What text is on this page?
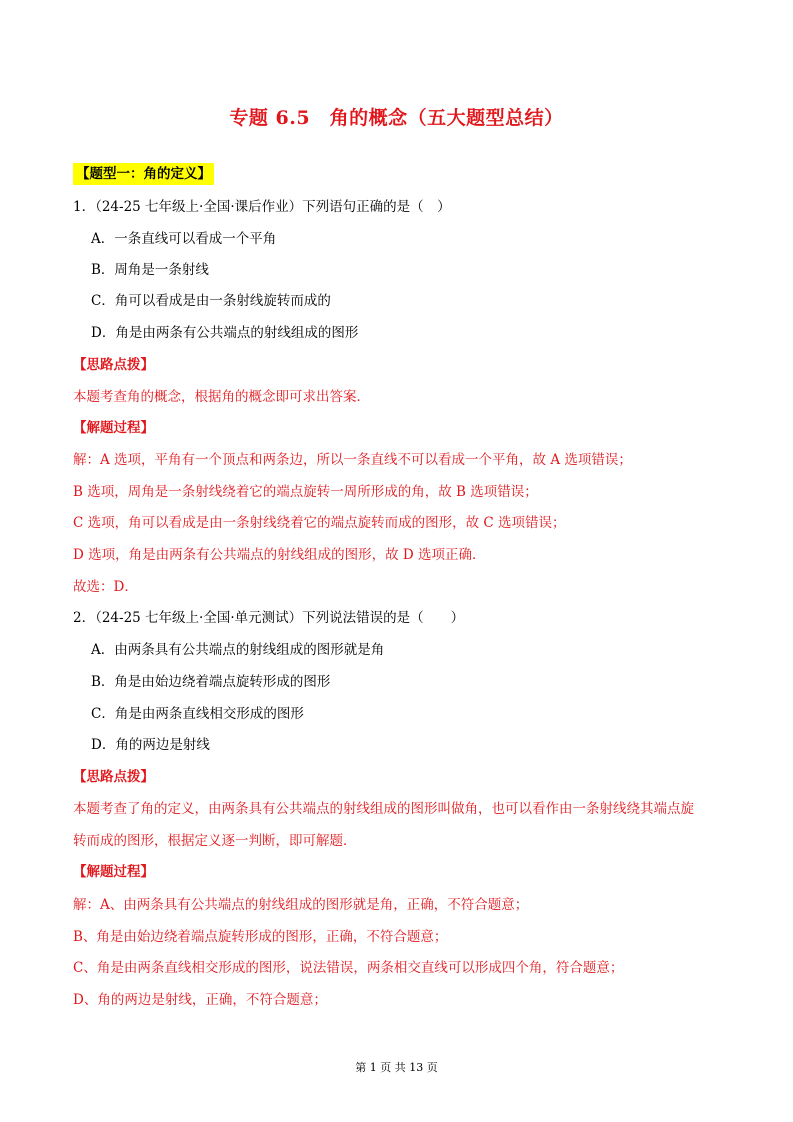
专题 6.5　角的概念（五大题型总结）

【题型一：角的定义】

1．（24-25 七年级上·全国·课后作业）下列语句正确的是（　）

A．一条直线可以看成一个平角

B．周角是一条射线

C．角可以看成是由一条射线旋转而成的

D．角是由两条有公共端点的射线组成的图形

【思路点拨】

本题考查角的概念，根据角的概念即可求出答案．

【解题过程】

解：A 选项，平角有一个顶点和两条边，所以一条直线不可以看成一个平角，故 A 选项错误；

B 选项，周角是一条射线绕着它的端点旋转一周所形成的角，故 B 选项错误；

C 选项，角可以看成是由一条射线绕着它的端点旋转而成的图形，故 C 选项错误；

D 选项，角是由两条有公共端点的射线组成的图形，故 D 选项正确．

故选：D．

2．（24-25 七年级上·全国·单元测试）下列说法错误的是（　　）

A．由两条具有公共端点的射线组成的图形就是角

B．角是由始边绕着端点旋转形成的图形

C．角是由两条直线相交形成的图形

D．角的两边是射线

【思路点拨】

本题考查了角的定义，由两条具有公共端点的射线组成的图形叫做角，也可以看作由一条射线绕其端点旋

转而成的图形，根据定义逐一判断，即可解题．

【解题过程】

解：A、由两条具有公共端点的射线组成的图形就是角，正确，不符合题意；

B、角是由始边绕着端点旋转形成的图形，正确，不符合题意；

C、角是由两条直线相交形成的图形，说法错误，两条相交直线可以形成四个角，符合题意；

D、角的两边是射线，正确，不符合题意；

第 1 页 共 13 页
